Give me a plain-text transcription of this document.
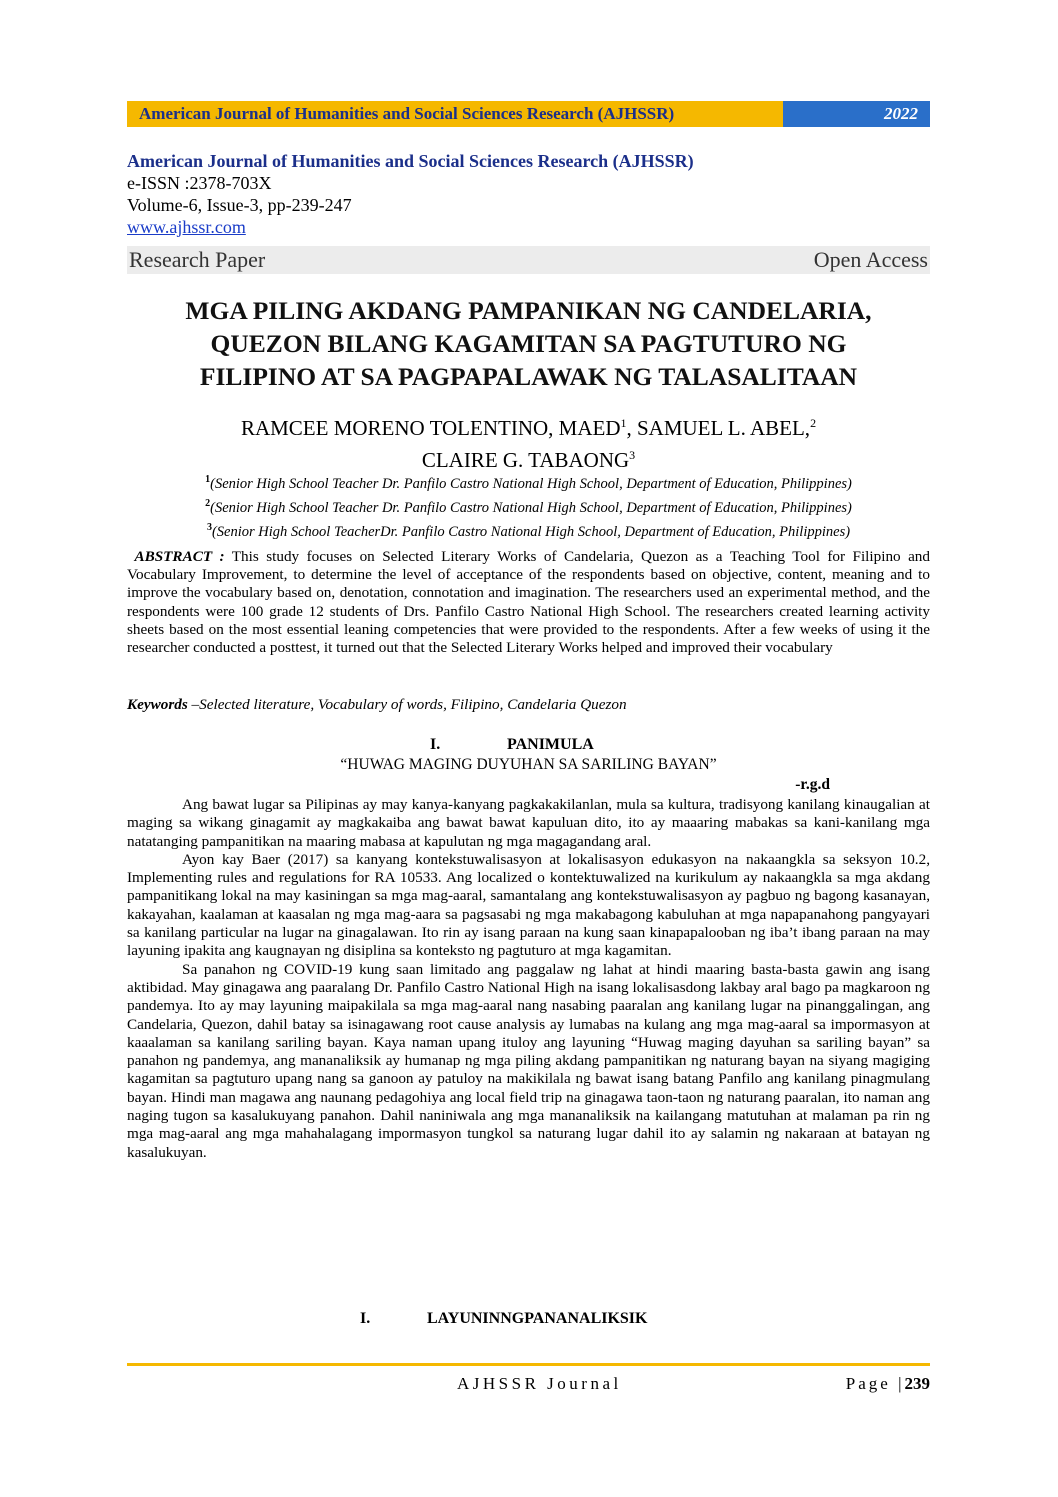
American Journal of Humanities and Social Sciences Research (AJHSSR)	2022
American Journal of Humanities and Social Sciences Research (AJHSSR)
e-ISSN :2378-703X
Volume-6, Issue-3, pp-239-247
www.ajhssr.com
Research Paper	Open Access
MGA PILING AKDANG PAMPANIKAN NG CANDELARIA,
QUEZON BILANG KAGAMITAN SA PAGTUTURO NG
FILIPINO AT SA PAGPAPALAWAK NG TALASALITAAN
RAMCEE MORENO TOLENTINO, MAED$^1$, SAMUEL L. ABEL,$^2$
CLAIRE G. TABAONG$^3$
$^1$(Senior High School Teacher Dr. Panfilo Castro National High School, Department of Education, Philippines)
$^2$(Senior High School Teacher Dr. Panfilo Castro National High School, Department of Education, Philippines)
$^3$(Senior High School TeacherDr. Panfilo Castro National High School, Department of Education, Philippines)
ABSTRACT : This study focuses on Selected Literary Works of Candelaria, Quezon as a Teaching Tool for Filipino and Vocabulary Improvement, to determine the level of acceptance of the respondents based on objective, content, meaning and to improve the vocabulary based on, denotation, connotation and imagination. The researchers used an experimental method, and the respondents were 100 grade 12 students of Drs. Panfilo Castro National High School. The researchers created learning activity sheets based on the most essential leaning competencies that were provided to the respondents. After a few weeks of using it the researcher conducted a posttest, it turned out that the Selected Literary Works helped and improved their vocabulary
Keywords –Selected literature, Vocabulary of words, Filipino, Candelaria Quezon
I.	PANIMULA
“HUWAG MAGING DUYUHAN SA SARILING BAYAN”
-r.g.d

Ang bawat lugar sa Pilipinas ay may kanya-kanyang pagkakakilanlan, mula sa kultura, tradisyong kanilang kinaugalian at maging sa wikang ginagamit ay magkakaiba ang bawat bawat kapuluan dito, ito ay maaaring mabakas sa kani-kanilang mga natatanging pampanitikan na maaring mabasa at kapulutan ng mga magagandang aral.

Ayon kay Baer (2017) sa kanyang kontekstuwalisasyon at lokalisasyon edukasyon na nakaangkla sa seksyon 10.2, Implementing rules and regulations for RA 10533. Ang localized o kontektuwalized na kurikulum ay nakaangkla sa mga akdang pampanitikang lokal na may kasiningan sa mga mag-aaral, samantalang ang kontekstuwalisasyon ay pagbuo ng bagong kasanayan, kakayahan, kaalaman at kaasalan ng mga mag-aara sa pagsasabi ng mga makabagong kabuluhan at mga napapanahong pangyayari sa kanilang particular na lugar na ginagalawan. Ito rin ay isang paraan na kung saan kinapapalooban ng iba’t ibang paraan na may layuning ipakita ang kaugnayan ng disiplina sa konteksto ng pagtuturo at mga kagamitan.

Sa panahon ng COVID-19 kung saan limitado ang paggalaw ng lahat at hindi maaring basta-basta gawin ang isang aktibidad. May ginagawa ang paaralang Dr. Panfilo Castro National High na isang lokalisasdong lakbay aral bago pa magkaroon ng pandemya. Ito ay may layuning maipakilala sa mga mag-aaral nang nasabing paaralan ang kanilang lugar na pinanggalingan, ang Candelaria, Quezon, dahil batay sa isinagawang root cause analysis ay lumabas na kulang ang mga mag-aaral sa impormasyon at kaaalaman sa kanilang sariling bayan. Kaya naman upang ituloy ang layuning “Huwag maging dayuhan sa sariling bayan” sa panahon ng pandemya, ang mananaliksik ay humanap ng mga piling akdang pampanitikan ng naturang bayan na siyang magiging kagamitan sa pagtuturo upang nang sa ganoon ay patuloy na makikilala ng bawat isang batang Panfilo ang kanilang pinagmulang bayan. Hindi man magawa ang naunang pedagohiya ang local field trip na ginagawa taon-taon ng naturang paaralan, ito naman ang naging tugon sa kasalukuyang panahon. Dahil naniniwala ang mga mananaliksik na kailangang matutuhan at malaman pa rin ng mga mag-aaral ang mga mahahalagang impormasyon tungkol sa naturang lugar dahil ito ay salamin ng nakaraan at batayan ng kasalukuyan.

I.	LAYUNINNGPANANALIKSIK
AJHSSR Journal	Page |239
